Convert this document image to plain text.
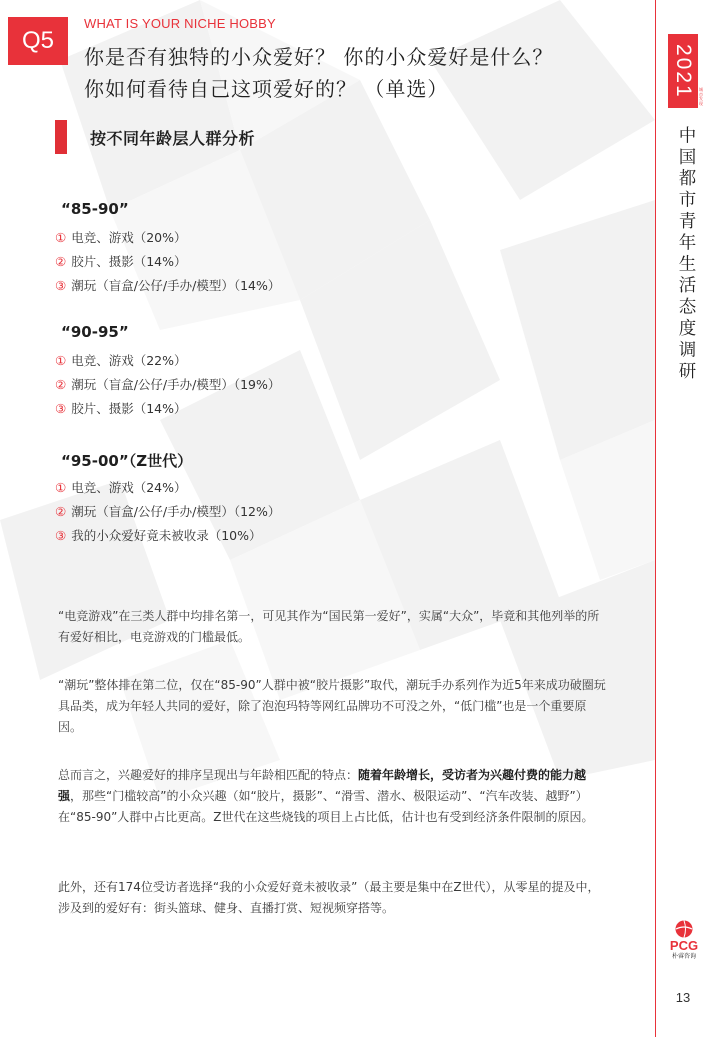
Q5
WHAT IS YOUR NICHE HOBBY
你是否有独特的小众爱好？ 你的小众爱好是什么？
你如何看待自己这项爱好的？ （单选）
按不同年龄层人群分析
“85-90”
① 电竞、游戏（20%）
② 胶片、摄影（14%）
③ 潮玩（盲盒/公仔/手办/模型）（14%）
“90-95”
① 电竞、游戏（22%）
② 潮玩（盲盒/公仔/手办/模型）（19%）
③ 胶片、摄影（14%）
“95-00”（Z世代）
① 电竞、游戏（24%）
② 潮玩（盲盒/公仔/手办/模型）（12%）
③ 我的小众爱好竟未被收录（10%）

“电竞游戏”在三类人群中均排名第一，可见其作为“国民第一爱好”，实属“大众”，毕竟和其他列举的所有爱好相比，电竞游戏的门槛最低。

“潮玩”整体排在第二位，仅在“85-90”人群中被“胶片摄影”取代，潮玩手办系列作为近5年来成功破圈玩具品类，成为年轻人共同的爱好，除了泡泡玛特等网红品牌功不可没之外，“低门槛”也是一个重要原因。

总而言之，兴趣爱好的排序呈现出与年龄相匹配的特点：随着年龄增长，受访者为兴趣付费的能力越强，那些“门槛较高”的小众兴趣（如“胶片，摄影”、“滑雪、潜水、极限运动”、“汽车改装、越野”）在“85-90”人群中占比更高。Z世代在这些烧钱的项目上占比低，估计也有受到经济条件限制的原因。

此外，还有174位受访者选择“我的小众爱好竟未被收录”（最主要是集中在Z世代），从零星的提及中，涉及到的爱好有：街头篮球、健身、直播打赏、短视频穿搭等。

2021	城市发现
中国都市青年生活态度调研
PCG
朴睿咨询
13
